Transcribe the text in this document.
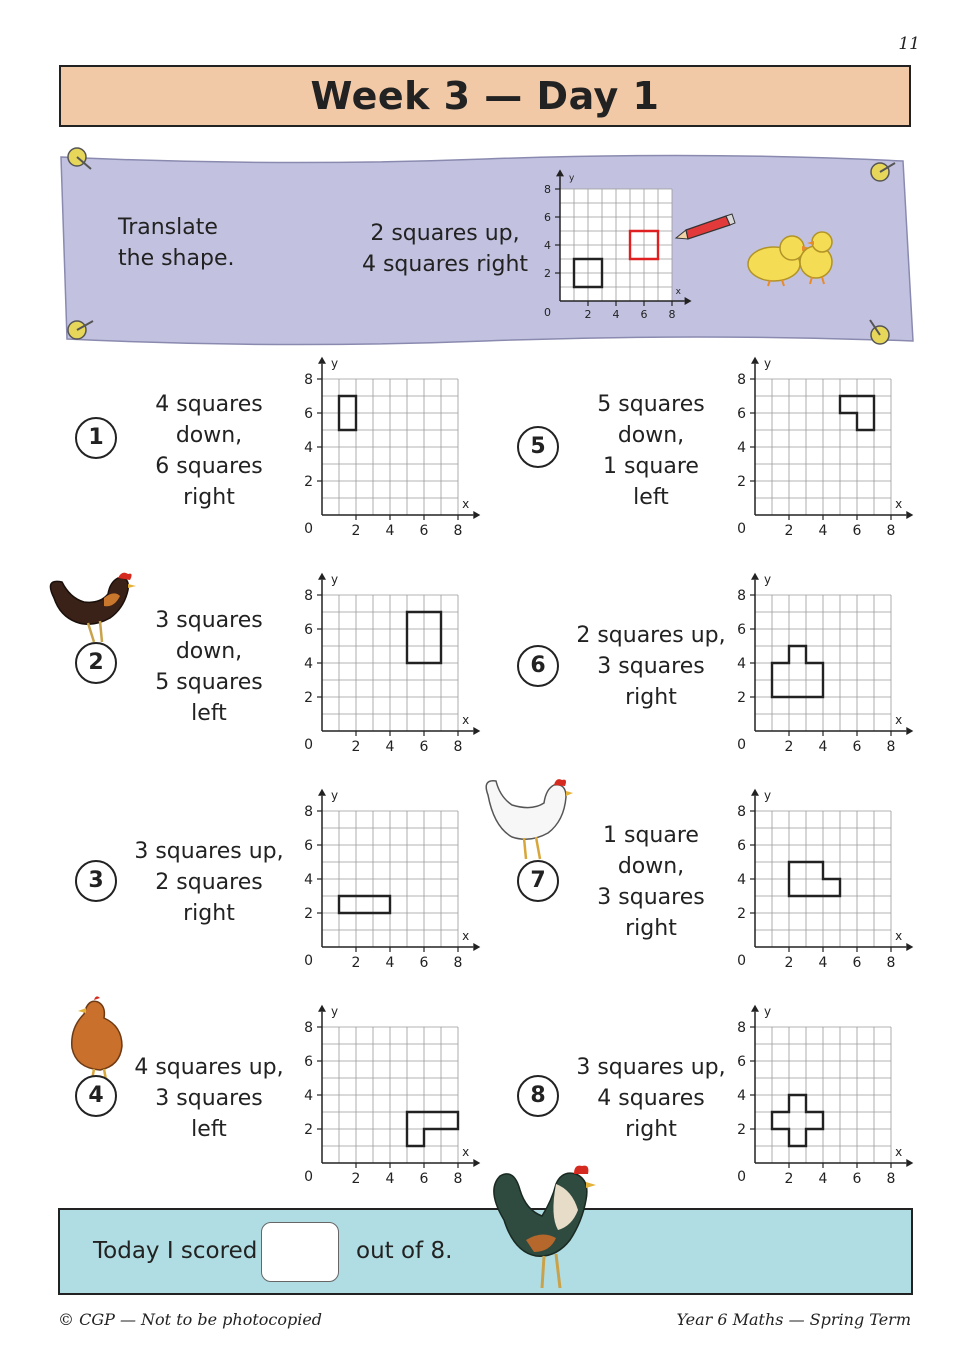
11
Week 3 — Day 1
Translate
the shape.
2 squares up,
4 squares right
2
2
4
4
6
6
8
8
0
x
y
4 squares
down,
6 squares
right
3 squares
down,
5 squares
left
3 squares up,
2 squares
right
4 squares up,
3 squares
left
5 squares
down,
1 square
left
2 squares up,
3 squares
right
1 square
down,
3 squares
right
3 squares up,
4 squares
right
2
2
4
4
6
6
8
8
0
x
y
2
2
4
4
6
6
8
8
0
x
y
2
2
4
4
6
6
8
8
0
x
y
2
2
4
4
6
6
8
8
0
x
y
2
2
4
4
6
6
8
8
0
x
y
2
2
4
4
6
6
8
8
0
x
y
2
2
4
4
6
6
8
8
0
x
y
2
2
4
4
6
6
8
8
0
x
y
Today I scored	out of 8.
© CGP — Not to be photocopied	Year 6 Maths — Spring Term
1
2
3
4
5
6
7
8
